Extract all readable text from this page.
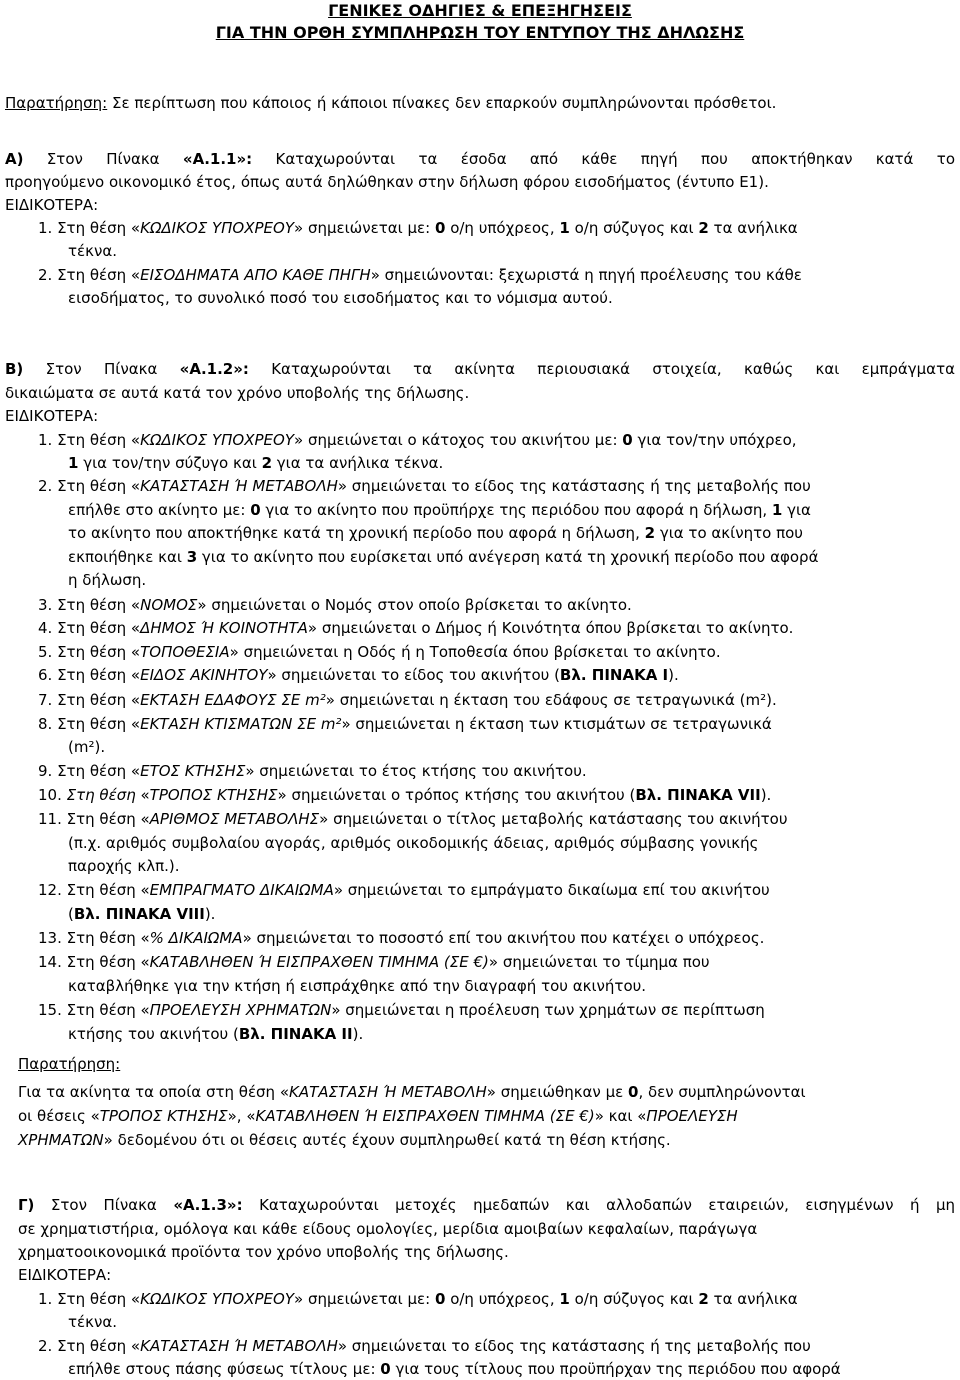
ΓΕΝΙΚΕΣ ΟΔΗΓΙΕΣ & ΕΠΕΞΗΓΗΣΕΙΣ
ΓΙΑ ΤΗΝ ΟΡΘΗ ΣΥΜΠΛΗΡΩΣΗ ΤΟΥ ΕΝΤΥΠΟΥ ΤΗΣ ΔΗΛΩΣΗΣ
Παρατήρηση: Σε περίπτωση που κάποιος ή κάποιοι πίνακες δεν επαρκούν συμπληρώνονται πρόσθετοι.
A) Στον Πίνακα «Α.1.1»: Καταχωρούνται τα έσοδα από κάθε πηγή που αποκτήθηκαν κατά το
προηγούμενο οικονομικό έτος, όπως αυτά δηλώθηκαν στην δήλωση φόρου εισοδήματος (έντυπο Ε1).
ΕΙΔΙΚΟΤΕΡΑ:
1. Στη θέση «ΚΩΔΙΚΟΣ ΥΠΟΧΡΕΟΥ» σημειώνεται με: 0 ο/η υπόχρεος, 1 ο/η σύζυγος και 2 τα ανήλικα
τέκνα.
2. Στη θέση «ΕΙΣΟΔΗΜΑΤΑ ΑΠΟ ΚΑΘΕ ΠΗΓΗ» σημειώνονται: ξεχωριστά η πηγή προέλευσης του κάθε
εισοδήματος, το συνολικό ποσό του εισοδήματος και το νόμισμα αυτού.
B) Στον Πίνακα «Α.1.2»: Καταχωρούνται τα ακίνητα περιουσιακά στοιχεία, καθώς και εμπράγματα
δικαιώματα σε αυτά κατά τον χρόνο υποβολής της δήλωσης.
ΕΙΔΙΚΟΤΕΡΑ:
1. Στη θέση «ΚΩΔΙΚΟΣ ΥΠΟΧΡΕΟΥ» σημειώνεται ο κάτοχος του ακινήτου με: 0 για τον/την υπόχρεο,
1 για τον/την σύζυγο και 2 για τα ανήλικα τέκνα.
2. Στη θέση «ΚΑΤΑΣΤΑΣΗ Ή ΜΕΤΑΒΟΛΗ» σημειώνεται το είδος της κατάστασης ή της μεταβολής που
επήλθε στο ακίνητο με: 0 για το ακίνητο που προϋπήρχε της περιόδου που αφορά η δήλωση, 1 για
το ακίνητο που αποκτήθηκε κατά τη χρονική περίοδο που αφορά η δήλωση, 2 για το ακίνητο που
εκποιήθηκε και 3 για το ακίνητο που ευρίσκεται υπό ανέγερση κατά τη χρονική περίοδο που αφορά
η δήλωση.
3. Στη θέση «ΝΟΜΟΣ» σημειώνεται ο Νομός στον οποίο βρίσκεται το ακίνητο.
4. Στη θέση «ΔΗΜΟΣ Ή ΚΟΙΝΟΤΗΤΑ» σημειώνεται ο Δήμος ή Κοινότητα όπου βρίσκεται το ακίνητο.
5. Στη θέση «ΤΟΠΟΘΕΣΙΑ» σημειώνεται η Οδός ή η Τοποθεσία όπου βρίσκεται το ακίνητο.
6. Στη θέση «ΕΙΔΟΣ ΑΚΙΝΗΤΟΥ» σημειώνεται το είδος του ακινήτου (Βλ. ΠΙΝΑΚΑ Ι).
7. Στη θέση «ΕΚΤΑΣΗ ΕΔΑΦΟΥΣ ΣΕ m²» σημειώνεται η έκταση του εδάφους σε τετραγωνικά (m²).
8. Στη θέση «ΕΚΤΑΣΗ ΚΤΙΣΜΑΤΩΝ ΣΕ m²» σημειώνεται η έκταση των κτισμάτων σε τετραγωνικά
(m²).
9. Στη θέση «ΕΤΟΣ ΚΤΗΣΗΣ» σημειώνεται το έτος κτήσης του ακινήτου.
10. Στη θέση «ΤΡΟΠΟΣ ΚΤΗΣΗΣ» σημειώνεται ο τρόπος κτήσης του ακινήτου (Βλ. ΠΙΝΑΚΑ VII).
11. Στη θέση «ΑΡΙΘΜΟΣ ΜΕΤΑΒΟΛΗΣ» σημειώνεται ο τίτλος μεταβολής κατάστασης του ακινήτου
(π.χ. αριθμός συμβολαίου αγοράς, αριθμός οικοδομικής άδειας, αριθμός σύμβασης γονικής
παροχής κλπ.).
12. Στη θέση «ΕΜΠΡΑΓΜΑΤΟ ΔΙΚΑΙΩΜΑ» σημειώνεται το εμπράγματο δικαίωμα επί του ακινήτου
(Βλ. ΠΙΝΑΚΑ VIII).
13. Στη θέση «% ΔΙΚΑΙΩΜΑ» σημειώνεται το ποσοστό επί του ακινήτου που κατέχει ο υπόχρεος.
14. Στη θέση «ΚΑΤΑΒΛΗΘΕΝ Ή ΕΙΣΠΡΑΧΘΕΝ ΤΙΜΗΜΑ (ΣΕ €)» σημειώνεται το τίμημα που
καταβλήθηκε για την κτήση ή εισπράχθηκε από την διαγραφή του ακινήτου.
15. Στη θέση «ΠΡΟΕΛΕΥΣΗ ΧΡΗΜΑΤΩΝ» σημειώνεται η προέλευση των χρημάτων σε περίπτωση
κτήσης του ακινήτου (Βλ. ΠΙΝΑΚΑ ΙΙ).
Παρατήρηση:
Για τα ακίνητα τα οποία στη θέση «ΚΑΤΑΣΤΑΣΗ Ή ΜΕΤΑΒΟΛΗ» σημειώθηκαν με 0, δεν συμπληρώνονται
οι θέσεις «ΤΡΟΠΟΣ ΚΤΗΣΗΣ», «ΚΑΤΑΒΛΗΘΕΝ Ή ΕΙΣΠΡΑΧΘΕΝ ΤΙΜΗΜΑ (ΣΕ €)» και «ΠΡΟΕΛΕΥΣΗ
ΧΡΗΜΑΤΩΝ» δεδομένου ότι οι θέσεις αυτές έχουν συμπληρωθεί κατά τη θέση κτήσης.
Γ) Στον Πίνακα «Α.1.3»: Καταχωρούνται μετοχές ημεδαπών και αλλοδαπών εταιρειών, εισηγμένων ή μη
σε χρηματιστήρια, ομόλογα και κάθε είδους ομολογίες, μερίδια αμοιβαίων κεφαλαίων, παράγωγα
χρηματοοικονομικά προϊόντα τον χρόνο υποβολής της δήλωσης.
ΕΙΔΙΚΟΤΕΡΑ:
1. Στη θέση «ΚΩΔΙΚΟΣ ΥΠΟΧΡΕΟΥ» σημειώνεται με: 0 ο/η υπόχρεος, 1 ο/η σύζυγος και 2 τα ανήλικα
τέκνα.
2. Στη θέση «ΚΑΤΑΣΤΑΣΗ Ή ΜΕΤΑΒΟΛΗ» σημειώνεται το είδος της κατάστασης ή της μεταβολής που
επήλθε στους πάσης φύσεως τίτλους με: 0 για τους τίτλους που προϋπήρχαν της περιόδου που αφορά
